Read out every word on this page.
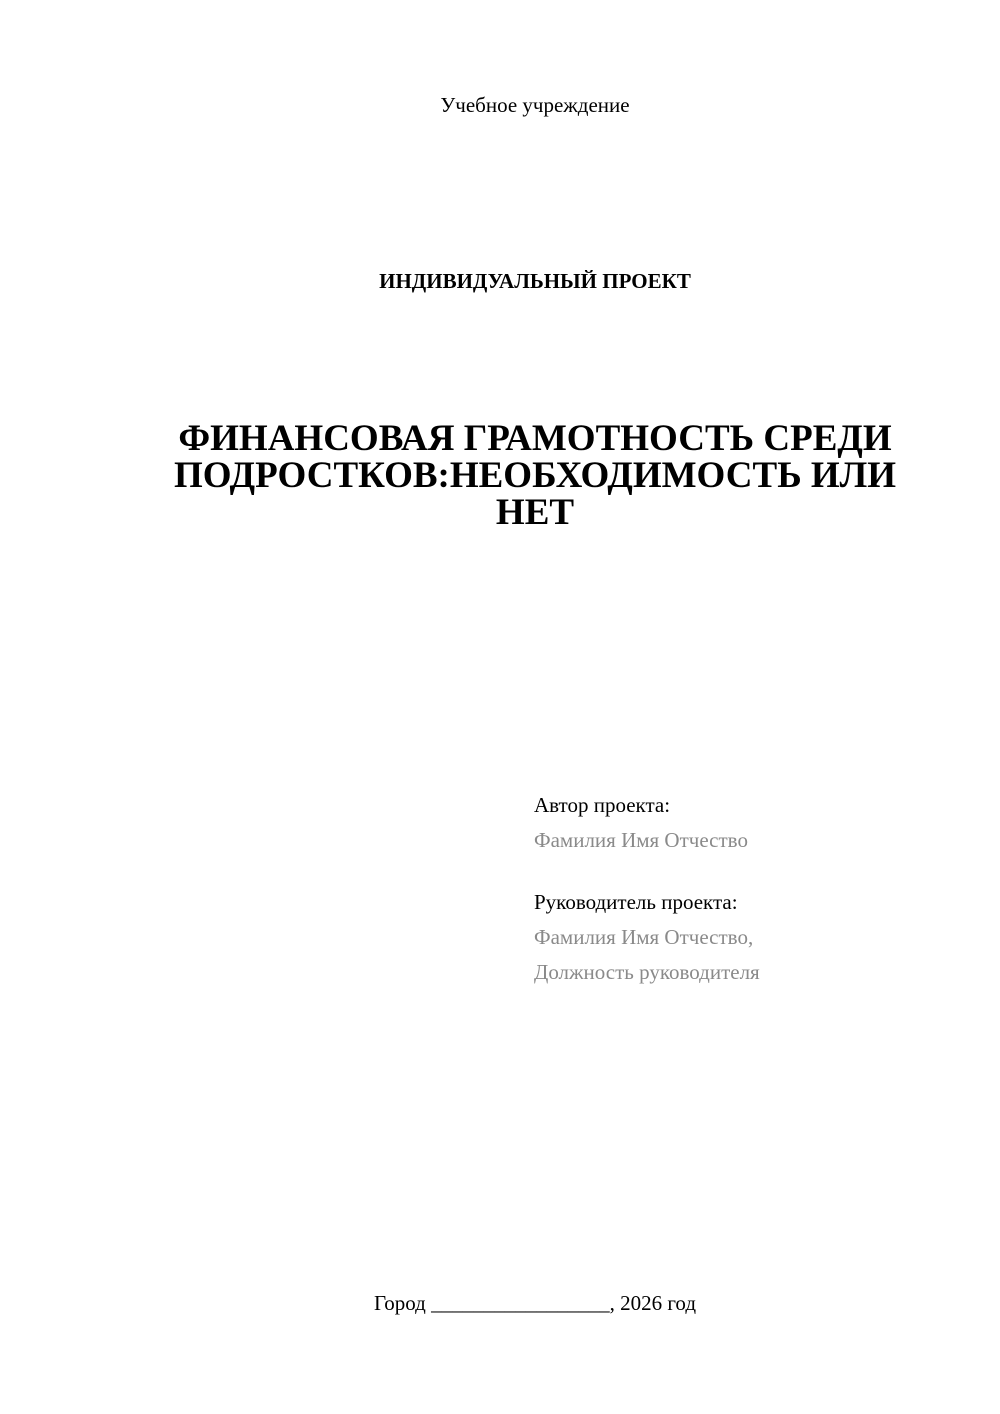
Учебное учреждение
ИНДИВИДУАЛЬНЫЙ ПРОЕКТ
ФИНАНСОВАЯ ГРАМОТНОСТЬ СРЕДИ
ПОДРОСТКОВ:НЕОБХОДИМОСТЬ ИЛИ
НЕТ
Автор проекта:
Фамилия Имя Отчество
Руководитель проекта:
Фамилия Имя Отчество,
Должность руководителя
Город _________________, 2026 год
